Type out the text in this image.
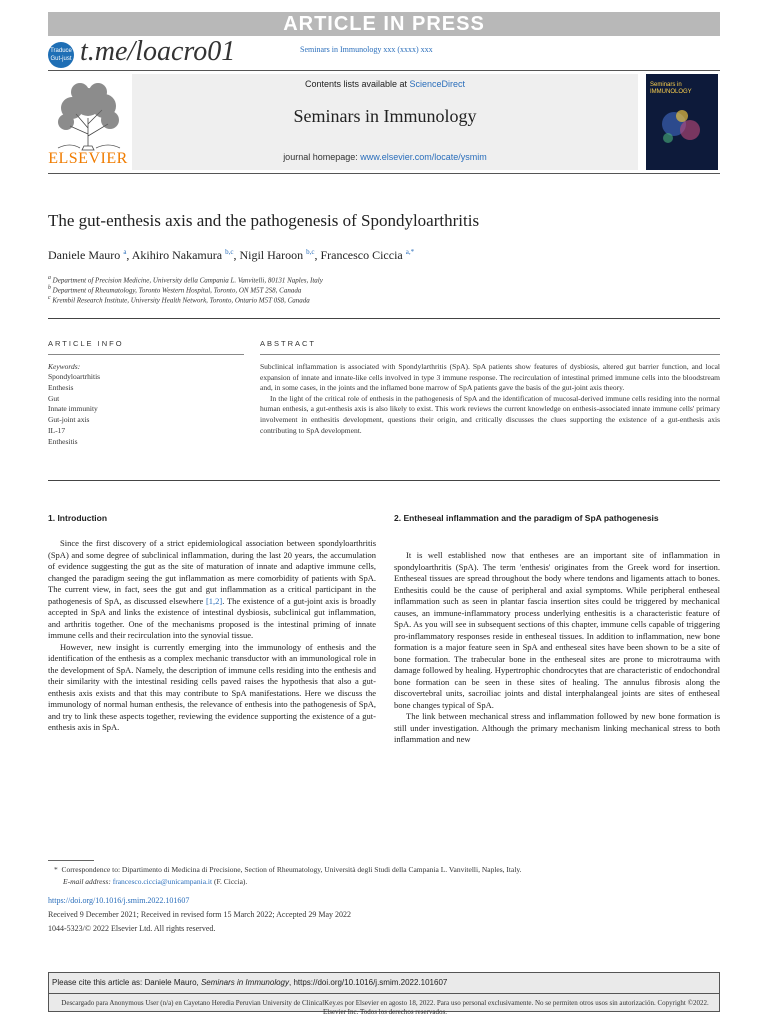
ARTICLE IN PRESS
Traduce Gut-just t.me/loacro01	Seminars in Immunology xxx (xxxx) xxx
ELSEVIER
Contents lists available at ScienceDirect
Seminars in Immunology
journal homepage: www.elsevier.com/locate/ysmim
Seminars in IMMUNOLOGY
The gut-enthesis axis and the pathogenesis of Spondyloarthritis
Daniele Mauro $^a$, Akihiro Nakamura $^{b,c}$, Nigil Haroon $^{b,c}$, Francesco Ciccia $^{a,*}$
$^a$ Department of Precision Medicine, University della Campania L. Vanvitelli, 80131 Naples, Italy
$^b$ Department of Rheumatology, Toronto Western Hospital, Toronto, ON M5T 2S8, Canada
$^c$ Krembil Research Institute, University Health Network, Toronto, Ontario M5T 0S8, Canada
ARTICLE INFO	ABSTRACT
Keywords:
Spondyloartrhitis
Enthesis
Gut
Innate immunity
Gut-joint axis
IL-17
Enthesitis

Subclinical inflammation is associated with Spondylarthritis (SpA). SpA patients show features of dysbiosis, altered gut barrier function, and local expansion of innate and innate-like cells involved in type 3 immune response. The recirculation of intestinal primed immune cells into the bloodstream and, in some cases, in the joints and the inflamed bone marrow of SpA patients gave the basis of the gut-joint axis theory.

In the light of the critical role of enthesis in the pathogenesis of SpA and the identification of mucosal-derived immune cells residing into the normal human enthesis, a gut-enthesis axis is also likely to exist. This work reviews the current knowledge on enthesis-associated innate immune cells' primary involvement in enthesitis development, questions their origin, and critically discusses the clues supporting the existence of a gut-enthesis axis contributing to SpA development.

1. Introduction

Since the first discovery of a strict epidemiological association between spondyloarthritis (SpA) and some degree of subclinical inflammation, during the last 20 years, the accumulation of evidence suggesting the gut as the site of maturation of innate and adaptive immune cells, changed the paradigm seeing the gut inflammation as mere comorbidity of patients with SpA. The current view, in fact, sees the gut and gut inflammation as a critical participant in the pathogenesis of SpA, as discussed elsewhere [1,2]. The existence of a gut-joint axis is broadly accepted in SpA and links the existence of intestinal dysbiosis, subclinical gut inflammation, and arthritis together. One of the mechanisms proposed is the intestinal priming of innate immune cells and their recirculation into the synovial tissue.

However, new insight is currently emerging into the immunology of enthesis and the identification of the enthesis as a complex mechanic transductor with an immunological role in the development of SpA. Namely, the description of immune cells residing into the enthesis and their similarity with the intestinal residing cells paved raises the hypothesis that also a gut-enthesis axis exists and that this may contribute to SpA manifestations. Here we discuss the immunology of normal human enthesis, the relevance of enthesis into the pathogenesis of SpA, and try to link these aspects together, reviewing the evidence supporting the existence of a gut-enthesis axis in SpA.

2. Entheseal inflammation and the paradigm of SpA pathogenesis

It is well established now that entheses are an important site of inflammation in spondyloarthritis (SpA). The term 'enthesis' originates from the Greek word for insertion. Entheseal tissues are spread throughout the body where tendons and ligaments attach to bones. Enthesitis could be the cause of peripheral and axial symptoms. While peripheral entheseal inflammation such as seen in plantar fascia insertion sites could be triggered by mechanical causes, an immune-inflammatory process underlying enthesitis is a characteristic feature of SpA. As you will see in subsequent sections of this chapter, immune cells capable of triggering pro-inflammatory responses reside in entheseal tissues. In addition to inflammation, new bone formation is a major feature seen in SpA and entheseal sites have been shown to be a site of bone formation. The trabecular bone in the entheseal sites are prone to microtrauma with damage followed by healing. Hypertrophic chondrocytes that are characteristic of endochondral bone formation can be seen in these sites of healing. The annulus fibrosis along the discovertebral units, sacroiliac joints and distal interphalangeal joints are sites of entheseal bone changes typical of SpA.

The link between mechanical stress and inflammation followed by new bone formation is still under investigation. Although the primary mechanism linking mechanical stress to both inflammation and new

* Correspondence to: Dipartimento di Medicina di Precisione, Section of Rheumatology, Università degli Studi della Campania L. Vanvitelli, Naples, Italy.
E-mail address: francesco.ciccia@unicampania.it (F. Ciccia).
https://doi.org/10.1016/j.smim.2022.101607
Received 9 December 2021; Received in revised form 15 March 2022; Accepted 29 May 2022
1044-5323/© 2022 Elsevier Ltd. All rights reserved.
Please cite this article as: Daniele Mauro, Seminars in Immunology, https://doi.org/10.1016/j.smim.2022.101607
Descargado para Anonymous User (n/a) en Cayetano Heredia Peruvian University de ClinicalKey.es por Elsevier en agosto 18, 2022. Para uso personal exclusivamente. No se permiten otros usos sin autorización. Copyright ©2022. Elsevier Inc. Todos los derechos reservados.
